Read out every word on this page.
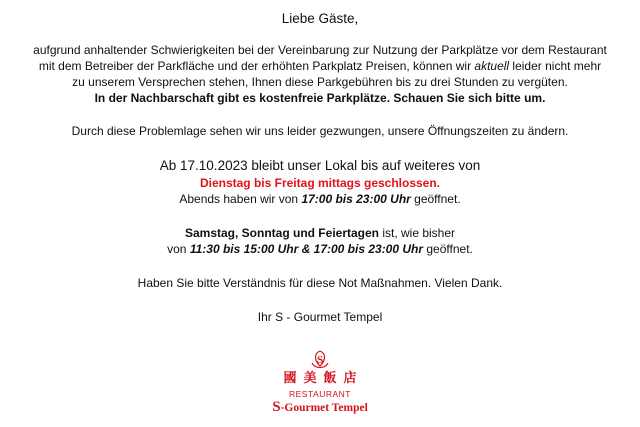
Liebe Gäste,
aufgrund anhaltender Schwierigkeiten bei der Vereinbarung zur Nutzung der Parkplätze vor dem Restaurant
mit dem Betreiber der Parkfläche und der erhöhten Parkplatz Preisen, können wir aktuell leider nicht mehr
zu unserem Versprechen stehen, Ihnen diese Parkgebühren bis zu drei Stunden zu vergüten.
In der Nachbarschaft gibt es kostenfreie Parkplätze. Schauen Sie sich bitte um.
Durch diese Problemlage sehen wir uns leider gezwungen, unsere Öffnungszeiten zu ändern.
Ab 17.10.2023 bleibt unser Lokal bis auf weiteres von
Dienstag bis Freitag mittags geschlossen.
Abends haben wir von 17:00 bis 23:00 Uhr geöffnet.
Samstag, Sonntag und Feiertagen ist, wie bisher
von 11:30 bis 15:00 Uhr & 17:00 bis 23:00 Uhr geöffnet.
Haben Sie bitte Verständnis für diese Not Maßnahmen. Vielen Dank.
Ihr S - Gourmet Tempel
S
國美飯店
RESTAURANT
S-Gourmet Tempel
